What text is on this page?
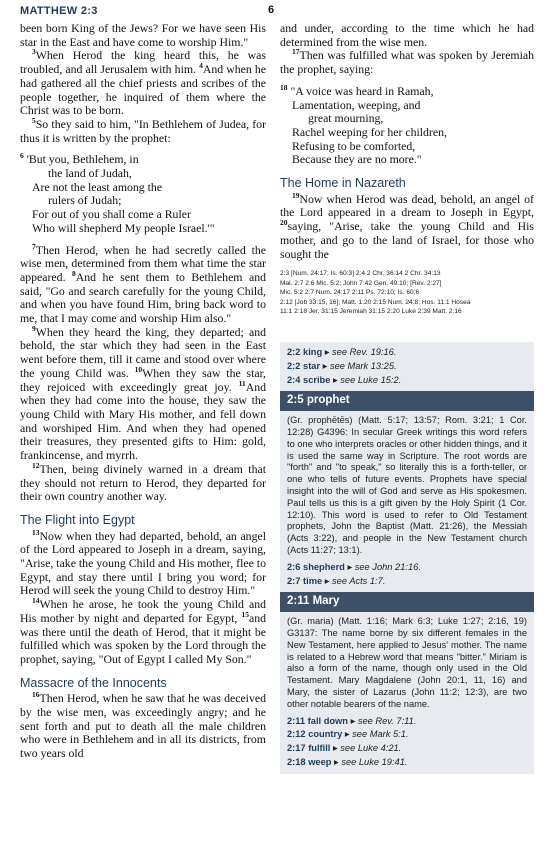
MATTHEW 2:3	6

been born King of the Jews? For we have seen His star in the East and have come to worship Him."

$^3$When Herod the king heard this, he was troubled, and all Jerusalem with him. $^4$And when he had gathered all the chief priests and scribes of the people together, he inquired of them where the Christ was to be born.

$^5$So they said to him, "In Bethlehem of Judea, for thus it is written by the prophet:

$^6$ 'But you, Bethlehem, in
the land of Judah,
Are not the least among the
rulers of Judah;
For out of you shall come a Ruler
Who will shepherd My people Israel.'"

$^7$Then Herod, when he had secretly called the wise men, determined from them what time the star appeared. $^8$And he sent them to Bethlehem and said, "Go and search carefully for the young Child, and when you have found Him, bring back word to me, that I may come and worship Him also."

$^9$When they heard the king, they departed; and behold, the star which they had seen in the East went before them, till it came and stood over where the young Child was. $^{10}$When they saw the star, they rejoiced with exceedingly great joy. $^{11}$And when they had come into the house, they saw the young Child with Mary His mother, and fell down and worshiped Him. And when they had opened their treasures, they presented gifts to Him: gold, frankincense, and myrrh.

$^{12}$Then, being divinely warned in a dream that they should not return to Herod, they departed for their own country another way.

The Flight into Egypt

$^{13}$Now when they had departed, behold, an angel of the Lord appeared to Joseph in a dream, saying, "Arise, take the young Child and His mother, flee to Egypt, and stay there until I bring you word; for Herod will seek the young Child to destroy Him."

$^{14}$When he arose, he took the young Child and His mother by night and departed for Egypt, $^{15}$and was there until the death of Herod, that it might be fulfilled which was spoken by the Lord through the prophet, saying, "Out of Egypt I called My Son."

Massacre of the Innocents

$^{16}$Then Herod, when he saw that he was deceived by the wise men, was exceedingly angry; and he sent forth and put to death all the male children who were in Bethlehem and in all its districts, from two years old

and under, according to the time which he had determined from the wise men.

$^{17}$Then was fulfilled what was spoken by Jeremiah the prophet, saying:

$^{18}$ "A voice was heard in Ramah,
Lamentation, weeping, and
great mourning,
Rachel weeping for her children,
Refusing to be comforted,
Because they are no more."
The Home in Nazareth

$^{19}$Now when Herod was dead, behold, an angel of the Lord appeared in a dream to Joseph in Egypt, $^{20}$saying, "Arise, take the young Child and His mother, and go to the land of Israel, for those who sought the

2:3 [Num. 24:17; Is. 60:3] 2:4 2 Chr. 36:14 2 Chr. 34:13
Mal. 2:7 2:6 Mic. 5:2; John 7:42 Gen. 49:10; [Rev. 2:27]
Mic. 5:2 2:7 Num. 24:17 2:11 Ps. 72:10; Is. 60:6
2:12 [Job 33:15, 16]; Matt. 1:20 2:15 Num. 24:8; Hos. 11:1 Hosea
11:1 2:18 Jer. 31:15 Jeremiah 31:15 2:20 Luke 2:39 Matt. 2:16
2:2 king ▸ see Rev. 19:16.
2:2 star ▸ see Mark 13:25.
2:4 scribe ▸ see Luke 15:2.
2:5 prophet
(Gr. prophētēs) (Matt. 5:17; 13:57; Rom. 3:21; 1 Cor. 12:28) G4396: In secular Greek writings this word refers to one who interprets oracles or other hidden things, and it is used the same way in Scripture. The root words are "forth" and "to speak," so literally this is a forth-teller, or one who tells of future events. Prophets have special insight into the will of God and serve as His spokesmen. Paul tells us this is a gift given by the Holy Spirit (1 Cor. 12:10). This word is used to refer to Old Testament prophets, John the Baptist (Matt. 21:26), the Messiah (Acts 3:22), and people in the New Testament church (Acts 11:27; 13:1).
2:6 shepherd ▸ see John 21:16.
2:7 time ▸ see Acts 1:7.
2:11 Mary
(Gr. maria) (Matt. 1:16; Mark 6:3; Luke 1:27; 2:16, 19) G3137: The name borne by six different females in the New Testament, here applied to Jesus' mother. The name is related to a Hebrew word that means "bitter." Miriam is also a form of the name, though only used in the Old Testament. Mary Magdalene (John 20:1, 11, 16) and Mary, the sister of Lazarus (John 11:2; 12:3), are two other notable bearers of the name.
2:11 fall down ▸ see Rev. 7:11.
2:12 country ▸ see Mark 5:1.
2:17 fulfill ▸ see Luke 4:21.
2:18 weep ▸ see Luke 19:41.
